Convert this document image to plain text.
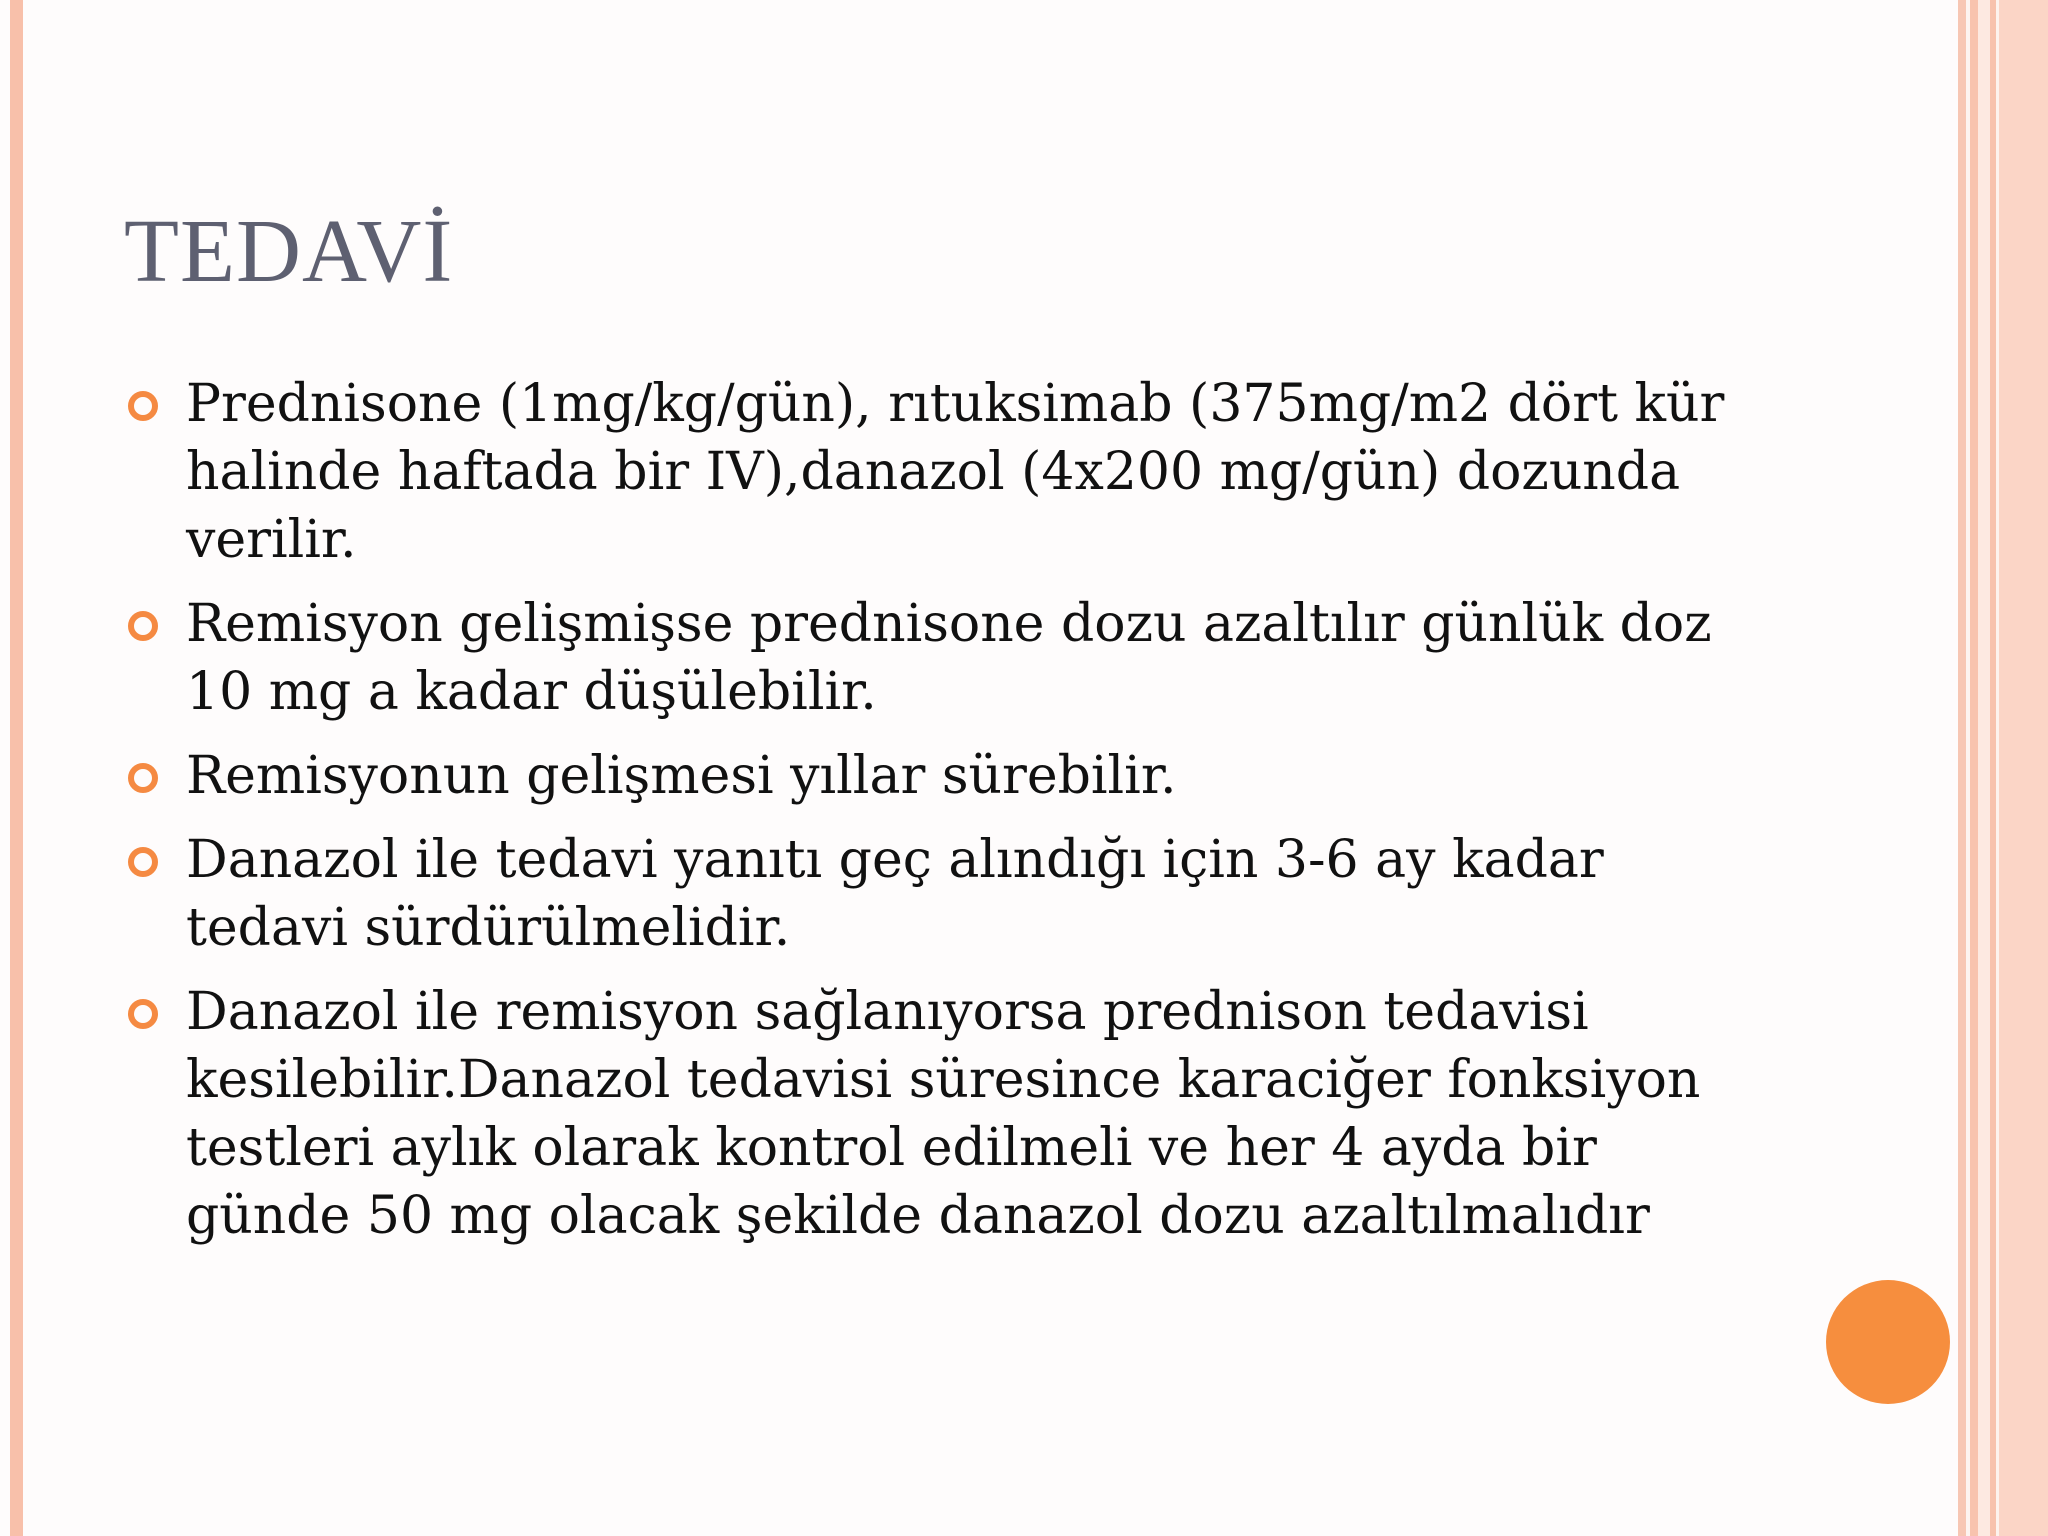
TEDAVİ
Prednisone (1mg/kg/gün), rıtuksimab (375mg/m2 dört kür halinde haftada bir IV),danazol (4x200 mg/gün) dozunda verilir.
Remisyon gelişmişse prednisone dozu azaltılır günlük doz 10 mg a kadar düşülebilir.
Remisyonun gelişmesi yıllar sürebilir.
Danazol ile tedavi yanıtı geç alındığı için 3-6 ay kadar tedavi sürdürülmelidir.
Danazol ile remisyon sağlanıyorsa prednison tedavisi kesilebilir.Danazol tedavisi süresince karaciğer fonksiyon testleri aylık olarak kontrol edilmeli ve her 4 ayda bir günde 50 mg olacak şekilde danazol dozu azaltılmalıdır
